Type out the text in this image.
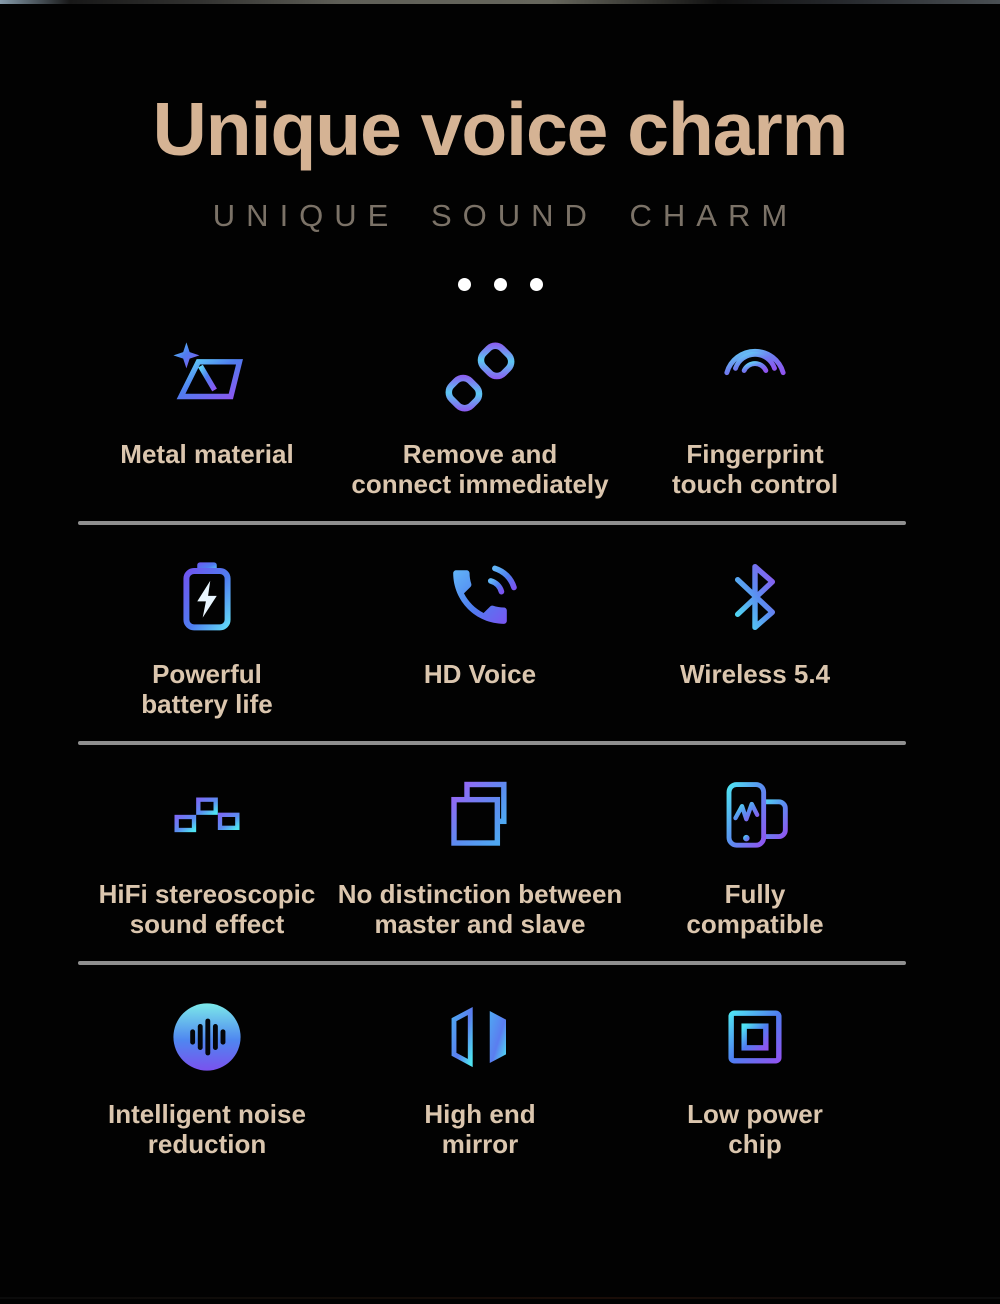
Unique voice charm
UNIQUE SOUND CHARM
Metal material	Remove and
connect immediately
Fingerprint
touch control
Powerful
battery life
HD Voice	Wireless 5.4
HiFi stereoscopic
sound effect
No distinction between
master and slave
Fully
compatible
Intelligent noise
reduction
High end
mirror
Low power
chip
